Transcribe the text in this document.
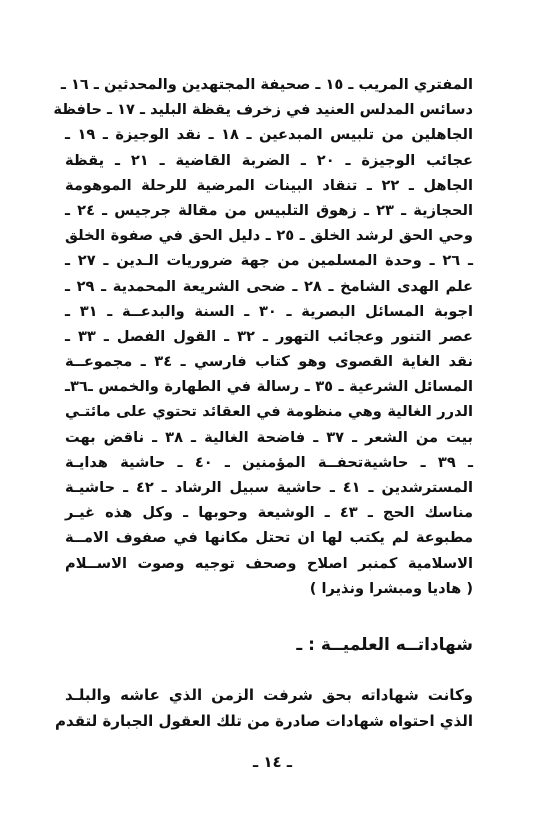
المفتري المريب ـ ١٥ ـ صحيفة المجتهدين والمحدثين ـ ١٦ ـ
دسائس المدلس العنيد في زخرف يقظة البليد ـ ١٧ ـ حافظة
الجاهلين من تلبيس المبدعين ـ ١٨ ـ نقد الوجيزة ـ ١٩ ـ
عجائب الوجيزة ـ ٢٠ ـ الضربة القاضية ـ ٢١ ـ يقظة
الجاهل ـ ٢٢ ـ تنقاد البينات المرضية للرحلة الموهومة
الحجازية ـ ٢٣ ـ زهوق التلبيس من مقالة جرجيس ـ ٢٤ ـ
وحي الحق لرشد الخلق ـ ٢٥ ـ دليل الحق في صفوة الخلق
ـ ٢٦ ـ وحدة المسلمين من جهة ضروريات الـدين ـ ٢٧ ـ
علم الهدى الشامخ ـ ٢٨ ـ ضحى الشريعة المحمدية ـ ٢٩ ـ
اجوبة المسائل البصرية ـ ٣٠ ـ السنة والبدعــة ـ ٣١ ـ
عصر التنور وعجائب التهور ـ ٣٢ ـ القول الفصل ـ ٣٣ ـ
نقد الغاية القصوى وهو كتاب فارسي ـ ٣٤ ـ مجموعــة
المسائل الشرعية ـ ٣٥ ـ رسالة في الطهارة والخمس ـ٣٦ـ
الدرر الغالية وهي منظومة في العقائد تحتوي على مائتـي
بيت من الشعر ـ ٣٧ ـ فاضحة الغالية ـ ٣٨ ـ ناقض بهت
ـ ٣٩ ـ حاشيةتحفــة المؤمنين ـ ٤٠ ـ حاشية هدايـة
المسترشدين ـ ٤١ ـ حاشية سبيل الرشاد ـ ٤٢ ـ حاشيـة
مناسك الحج ـ ٤٣ ـ الوشيعة وحوبها ـ وكل هذه غيـر
مطبوعة لم يكتب لها ان تحتل مكانها في صفوف الامــة
الاسلامية كمنبر اصلاح وصحف توجيه وصوت الاســلام
( هاديا ومبشرا ونذيرا )
شهاداتــه العلميــة : ـ
وكانت شهاداته بحق شرفت الزمن الذي عاشه والبلـد
الذي احتواه شهادات صادرة من تلك العقول الجبارة لتقدم
ـ ١٤ ـ
